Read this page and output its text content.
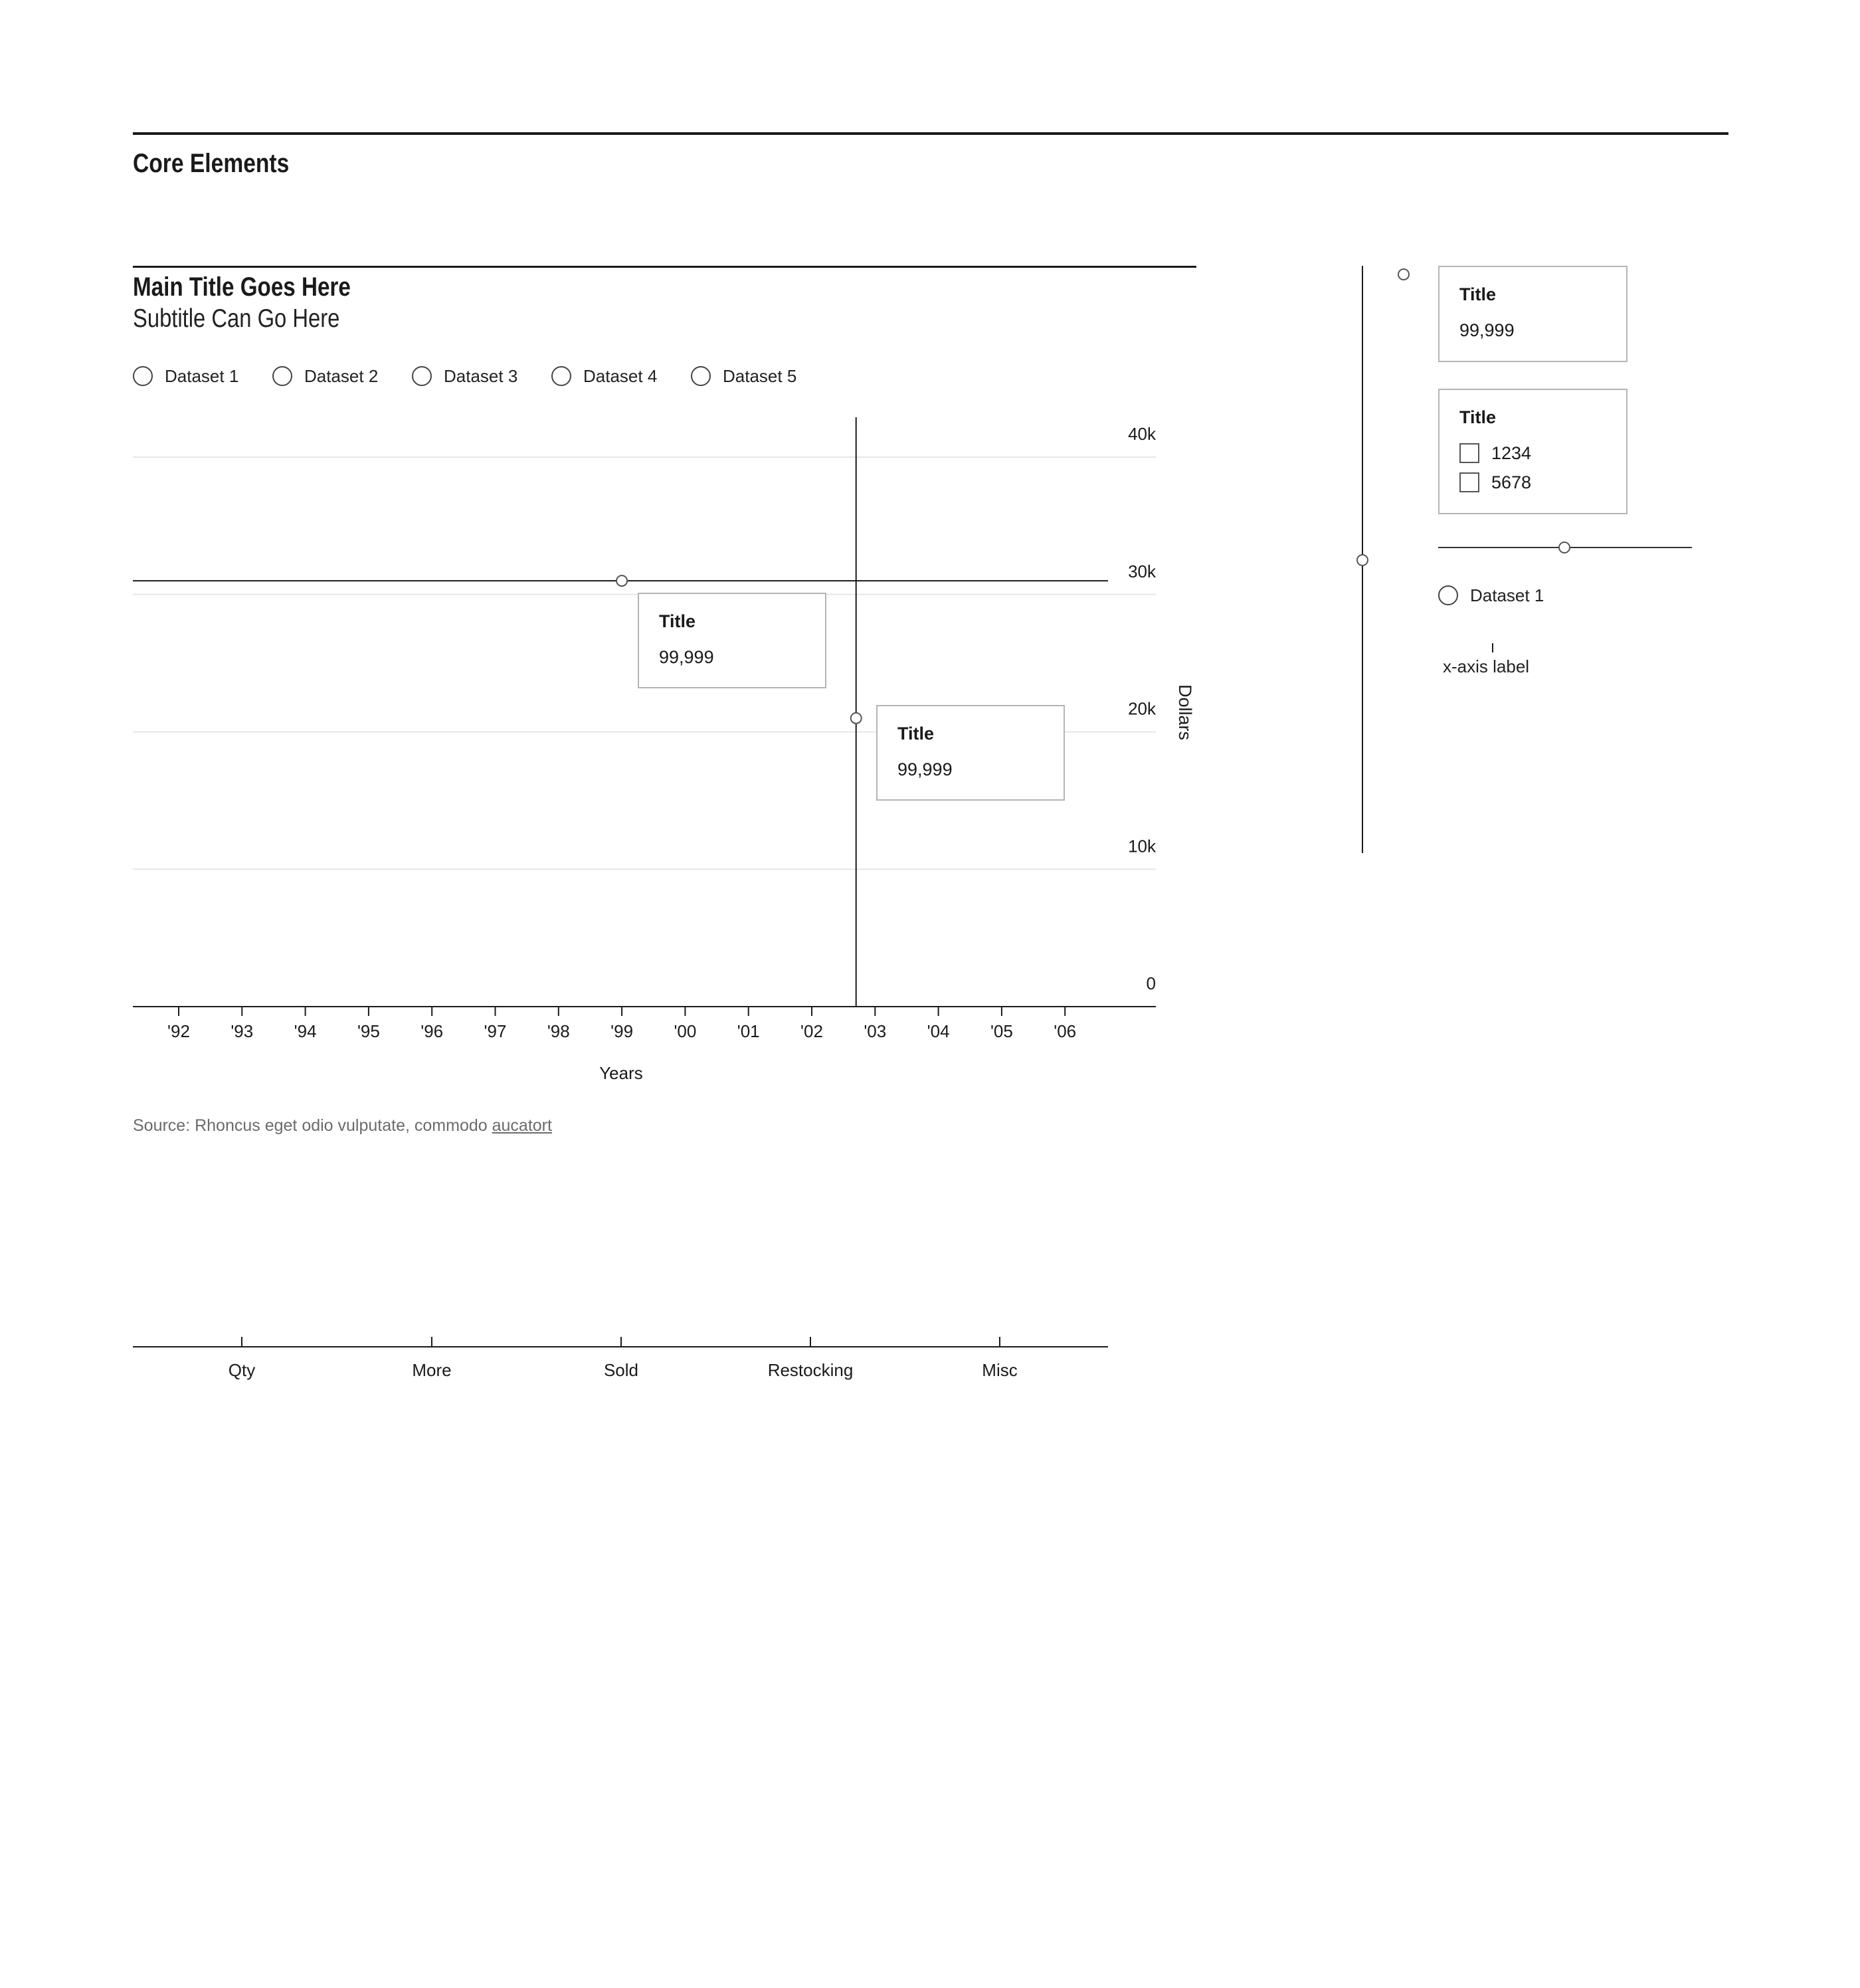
Core Elements
Main Title Goes Here
Subtitle Can Go Here
Dataset 1	Dataset 2	Dataset 3	Dataset 4	Dataset 5
0
10k
20k
30k
40k
'92 '93 '94 '95 '96 '97 '98 '99 '00 '01 '02 '03 '04 '05 '06
Dollars
Years
Title
99,999
Title
99,999
Source: Rhoncus eget odio vulputate, commodo aucatort
Qty	More	Sold	Restocking	Misc
Title
99,999
Title
1234
5678
Dataset 1
x-axis label
